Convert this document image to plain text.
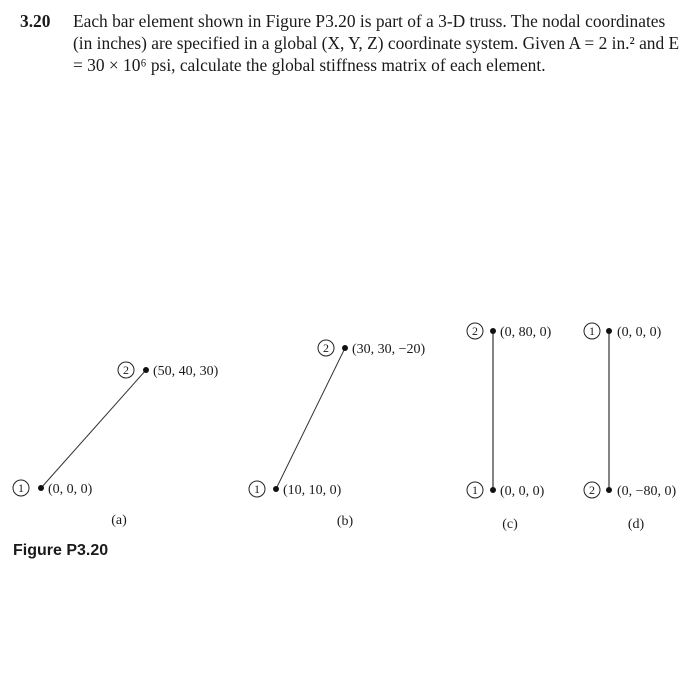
3.20 Each bar element shown in Figure P3.20 is part of a 3-D truss. The nodal coordinates (in inches) are specified in a global (X, Y, Z) coordinate system. Given A = 2 in.² and E = 30 × 10⁶ psi, calculate the global stiffness matrix of each element.
1 (0, 0, 0)
2 (50, 40, 30)
(a)
1 (10, 10, 0)
2 (30, 30, −20)
(b)
1 (0, 0, 0)
2 (0, 80, 0)
(c)
1 (0, 0, 0)
2 (0, −80, 0)
(d)
Figure P3.20
